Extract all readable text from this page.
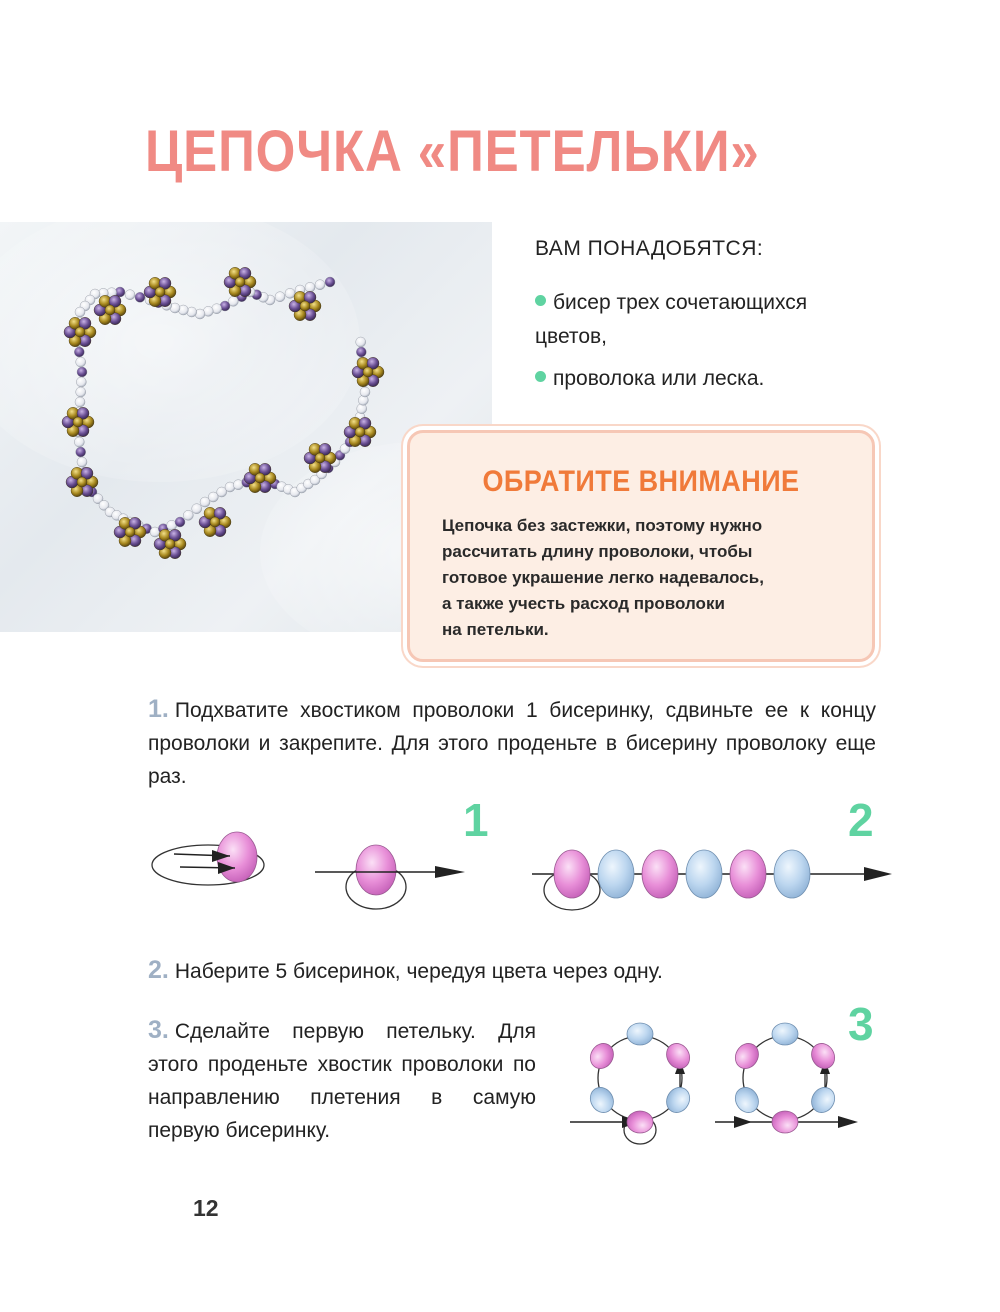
ЦЕПОЧКА «ПЕТЕЛЬКИ»
ВАМ ПОНАДОБЯТСЯ:
бисер трех сочетающихся цветов,
проволока или леска.
ОБРАТИТЕ ВНИМАНИЕ

Цепочка без застежки, поэтому нужно
рассчитать длину проволоки, чтобы
готовое украшение легко надевалось,
а также учесть расход проволоки
на петельки.

1. Подхватите хвостиком проволоки 1 бисеринку, сдвиньте ее к концу проволоки и закрепите. Для этого проденьте в бисерину проволоку еще раз.

1	2

2. Наберите 5 бисеринок, чередуя цвета через одну.

3. Сделайте первую петельку. Для этого проденьте хвостик проволоки по направлению плетения в самую первую бисеринку.

3

12
